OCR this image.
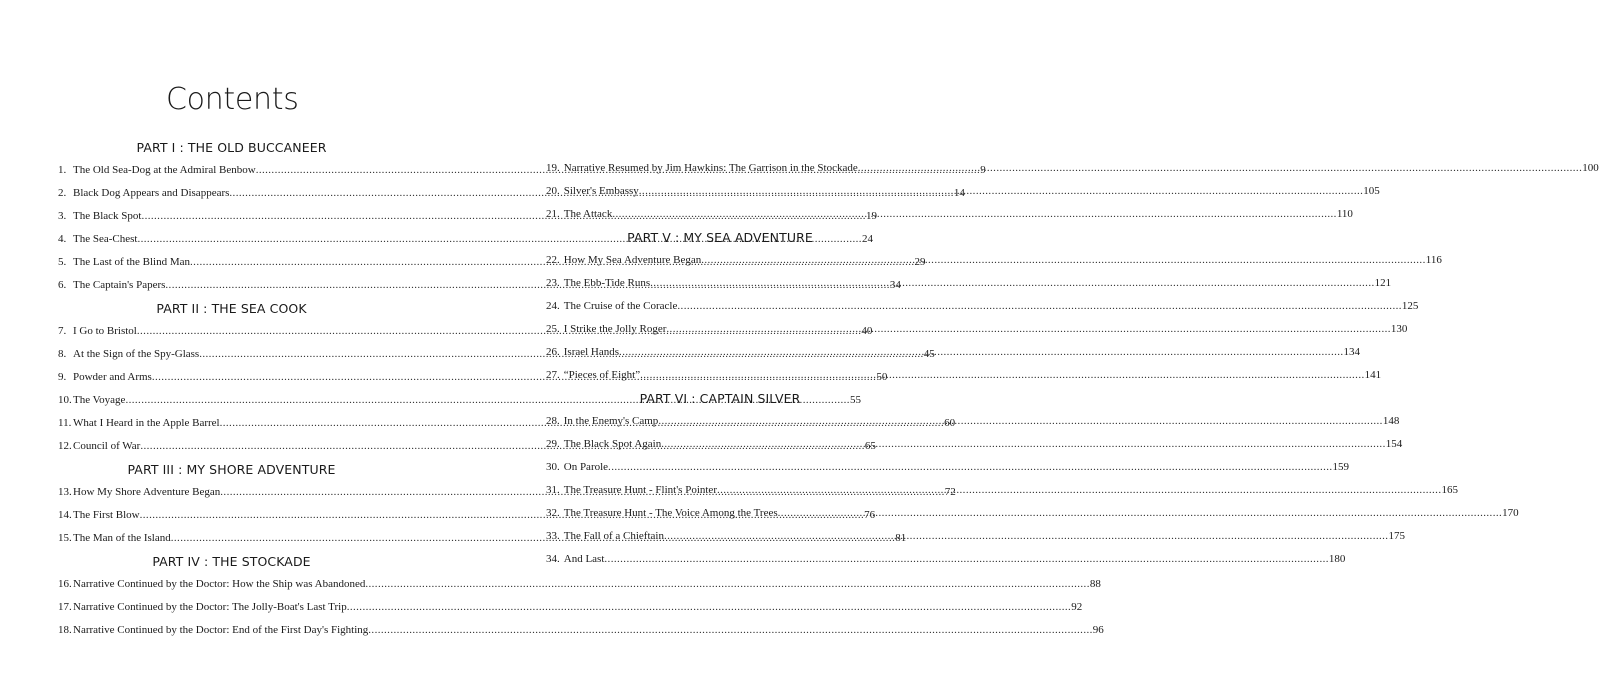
Contents
PART I : THE OLD BUCCANEER
1. The Old Sea-Dog at the Admiral Benbow .....	9
2. Black Dog Appears and Disappears .....	14
3. The Black Spot .....	19
4. The Sea-Chest .....	24
5. The Last of the Blind Man .....	29
6. The Captain's Papers .....	34
PART II : THE SEA COOK
7. I Go to Bristol .....	40
8. At the Sign of the Spy-Glass .....	45
9. Powder and Arms .....	50
10. The Voyage .....	55
11. What I Heard in the Apple Barrel .....	60
12. Council of War .....	65
PART III : MY SHORE ADVENTURE
13. How My Shore Adventure Began .....	72
14. The First Blow .....	76
15. The Man of the Island .....	81
PART IV : THE STOCKADE
16. Narrative Continued by the Doctor: How the Ship was Abandoned .....	88
17. Narrative Continued by the Doctor: The Jolly-Boat's Last Trip .....	92
18. Narrative Continued by the Doctor: End of the First Day's Fighting .....	96
19. Narrative Resumed by Jim Hawkins: The Garrison in the Stockade .....	100
20. Silver's Embassy .....	105
21. The Attack .....	110
PART V : MY SEA ADVENTURE
22. How My Sea Adventure Began .....	116
23. The Ebb-Tide Runs .....	121
24. The Cruise of the Coracle .....	125
25. I Strike the Jolly Roger .....	130
26. Israel Hands .....	134
27. “Pieces of Eight” .....	141
PART VI : CAPTAIN SILVER
28. In the Enemy's Camp .....	148
29. The Black Spot Again .....	154
30. On Parole .....	159
31. The Treasure Hunt - Flint's Pointer .....	165
32. The Treasure Hunt - The Voice Among the Trees .....	170
33. The Fall of a Chieftain .....	175
34. And Last .....	180
